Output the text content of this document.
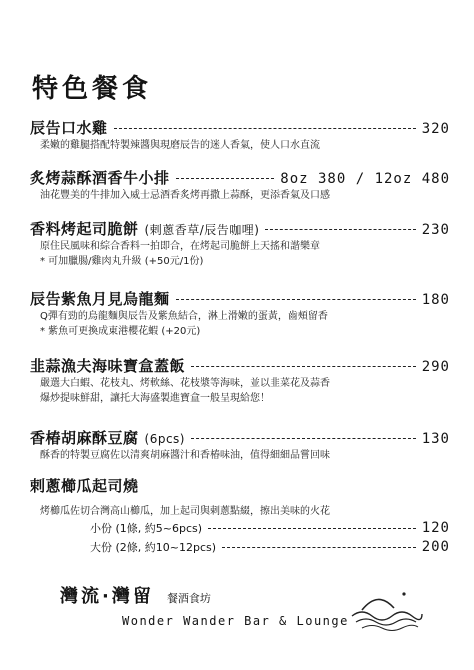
特色餐食
辰告口水雞	320
柔嫩的雞腿搭配特製辣醬與現磨辰告的迷人香氣，使人口水直流
炙烤蒜酥酒香牛小排	8oz 380 / 12oz 480
油花豐美的牛排加入威士忌酒香炙烤再撒上蒜酥，更添香氣及口感
香料烤起司脆餅 (剌蔥香草/辰告咖哩)	230
原住民風味和綜合香料一拍即合，在烤起司脆餅上天搖和諧樂章
* 可加臘腸/雞肉丸升級 (+50元/1份)
辰告紫魚月見烏龍麵	180
Q彈有勁的烏龍麵與辰告及紫魚結合，淋上滑嫩的蛋黃，齒頰留香
* 紫魚可更換成東港櫻花蝦 (+20元)
韭蒜漁夫海味寶盒蓋飯	290
嚴選大白蝦、花枝丸、烤軟絲、花枝漿等海味，並以韭菜花及蒜香
爆炒提味鮮甜，讓托大海盛製進寶盒一般呈現給您！
香椿胡麻酥豆腐 (6pcs)	130
酥香的特製豆腐佐以清爽胡麻醬汁和香椿味油，值得細細品嘗回味
剌蔥櫛瓜起司燒
烤櫛瓜佐切合灣高山櫛瓜，加上起司與剌蔥點綴，擦出美味的火花
小份 (1條, 約5~6pcs)	120
大份 (2條, 約10~12pcs)	200
灣流·灣留 餐酒食坊
Wonder Wander Bar & Lounge
